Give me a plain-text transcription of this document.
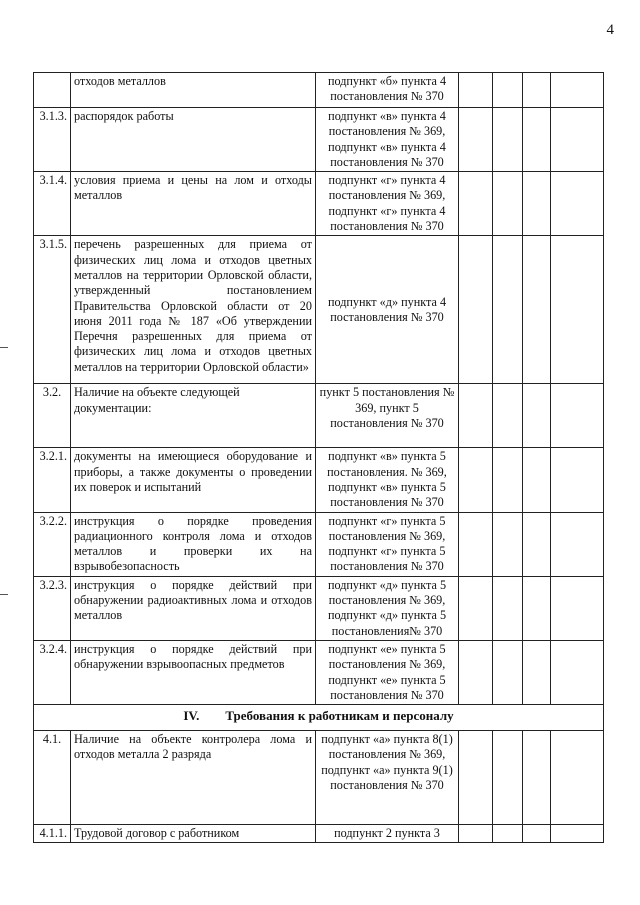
4
	отходов металлов	подпункт «б» пункта 4 постановления № 370				
3.1.3.	распорядок работы	подпункт «в» пункта 4 постановления № 369, подпункт «в» пункта 4 постановления № 370				
3.1.4.	условия приема и цены на лом и отходы металлов	подпункт «г» пункта 4 постановления № 369, подпункт «г» пункта 4 постановления № 370				
3.1.5.	перечень разрешенных для приема от физических лиц лома и отходов цветных металлов на территории Орловской области, утвержденный постановлением Правительства Орловской области от 20 июня 2011 года № 187 «Об утверждении Перечня разрешенных для приема от физических лиц лома и отходов цветных металлов на территории Орловской области»	подпункт «д» пункта 4 постановления № 370				
3.2.	Наличие на объекте следующей документации:	пункт 5 постановления № 369, пункт 5 постановления № 370				
3.2.1.	документы на имеющиеся оборудование и приборы, а также документы о проведении их поверок и испытаний	подпункт «в» пункта 5 постановления. № 369, подпункт «в» пункта 5 постановления № 370				
3.2.2.	инструкция о порядке проведения радиационного контроля лома и отходов металлов и проверки их на взрывобезопасность	подпункт «г» пункта 5 постановления № 369, подпункт «г» пункта 5 постановления № 370				
3.2.3.	инструкция о порядке действий при обнаружении радиоактивных лома и отходов металлов	подпункт «д» пункта 5 постановления № 369, подпункт «д» пункта 5 постановления№ 370				
3.2.4.	инструкция о порядке действий при обнаружении взрывоопасных предметов	подпункт «е» пункта 5 постановления № 369, подпункт «е» пункта 5 постановления № 370				
IV. Требования к работникам и персоналу						
4.1.	Наличие на объекте контролера лома и отходов металла 2 разряда	подпункт «а» пункта 8(1) постановления № 369, подпункт «а» пункта 9(1) постановления № 370				
4.1.1.	Трудовой договор с работником	подпункт 2 пункта 3				
